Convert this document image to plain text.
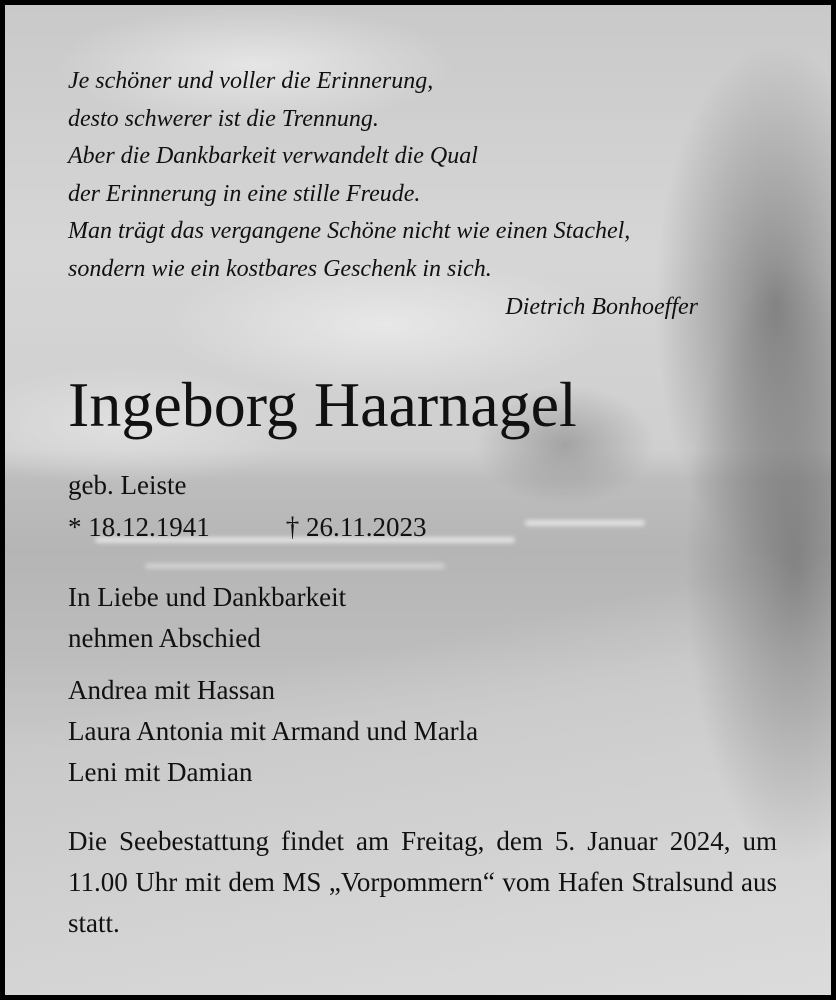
Je schöner und voller die Erinnerung,
desto schwerer ist die Trennung.
Aber die Dankbarkeit verwandelt die Qual
der Erinnerung in eine stille Freude.
Man trägt das vergangene Schöne nicht wie einen Stachel,
sondern wie ein kostbares Geschenk in sich.
Dietrich Bonhoeffer
Ingeborg Haarnagel
geb. Leiste
* 18.12.1941	† 26.11.2023
In Liebe und Dankbarkeit
nehmen Abschied
Andrea mit Hassan
Laura Antonia mit Armand und Marla
Leni mit Damian
Die Seebestattung findet am Freitag, dem 5. Januar 2024, um 11.00 Uhr mit dem MS „Vorpommern“ vom Hafen Stralsund aus statt.
